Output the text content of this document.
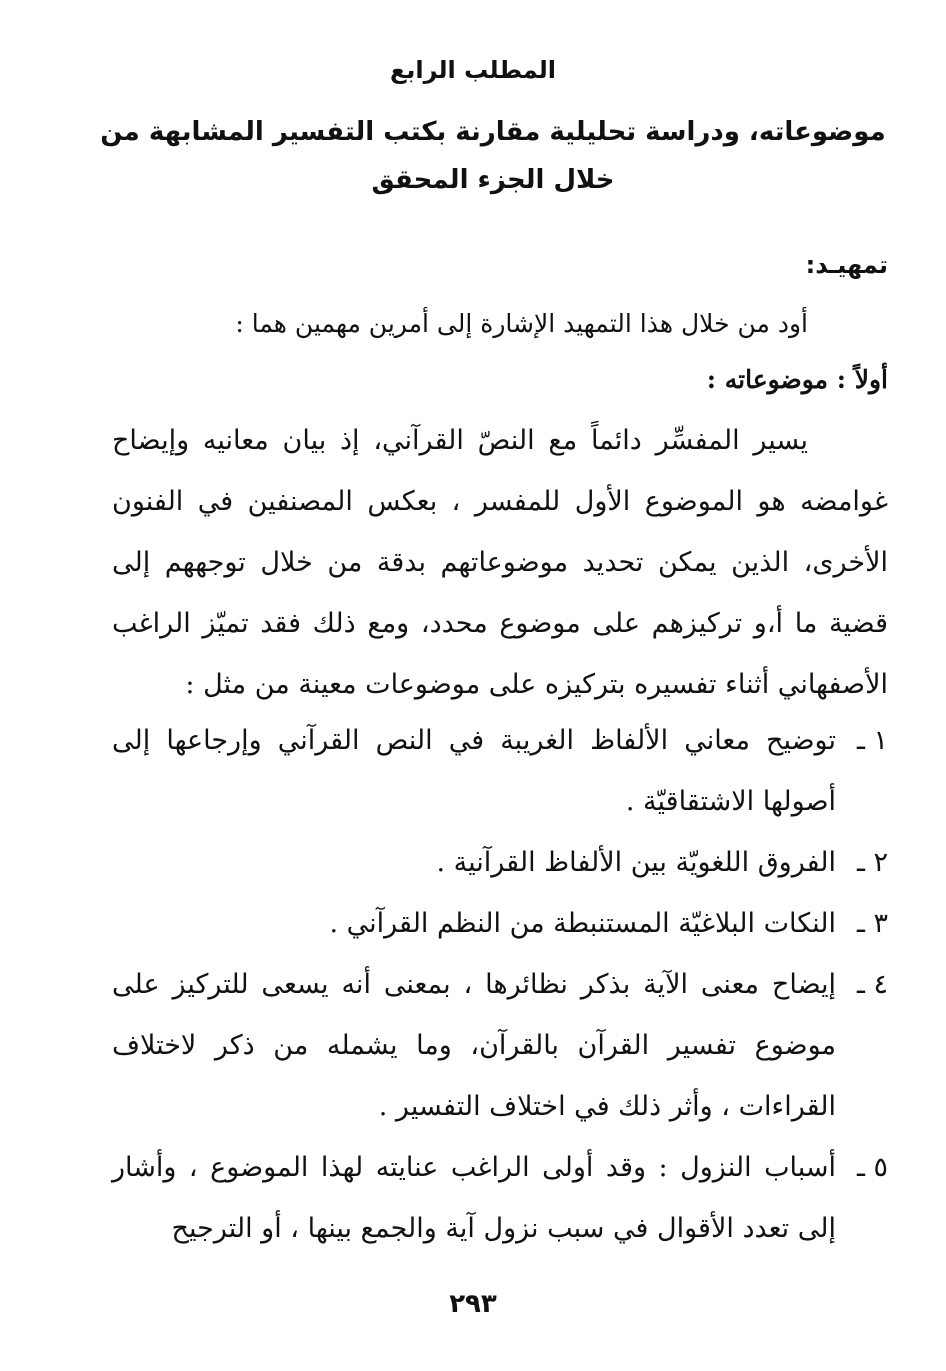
المطلب الرابع
موضوعاته، ودراسة تحليلية مقارنة بكتب التفسير المشابهة من خلال الجزء المحقق
تمهيـد:
أود من خلال هذا التمهيد الإشارة إلى أمرين مهمين هما :
أولاً : موضوعاته :
يسير المفسِّر دائماً مع النصّ القرآني، إذ بيان معانيه وإيضاح غوامضه هو الموضوع الأول للمفسر ، بعكس المصنفين في الفنون الأخرى، الذين يمكن تحديد موضوعاتهم بدقة من خلال توجههم إلى قضية ما أ،و تركيزهم على موضوع محدد، ومع ذلك فقد تميّز الراغب الأصفهاني أثناء تفسيره بتركيزه على موضوعات معينة من مثل :
١ ـ
توضيح معاني الألفاظ الغريبة في النص القرآني وإرجاعها إلى أصولها الاشتقاقيّة .
٢ ـ
الفروق اللغويّة بين الألفاظ القرآنية .
٣ ـ
النكات البلاغيّة المستنبطة من النظم القرآني .
٤ ـ
إيضاح معنى الآية بذكر نظائرها ، بمعنى أنه يسعى للتركيز على موضوع تفسير القرآن بالقرآن، وما يشمله من ذكر لاختلاف القراءات ، وأثر ذلك في اختلاف التفسير .
٥ ـ
أسباب النزول : وقد أولى الراغب عنايته لهذا الموضوع ، وأشار إلى تعدد الأقوال في سبب نزول آية والجمع بينها ، أو الترجيح
٢٩٣
